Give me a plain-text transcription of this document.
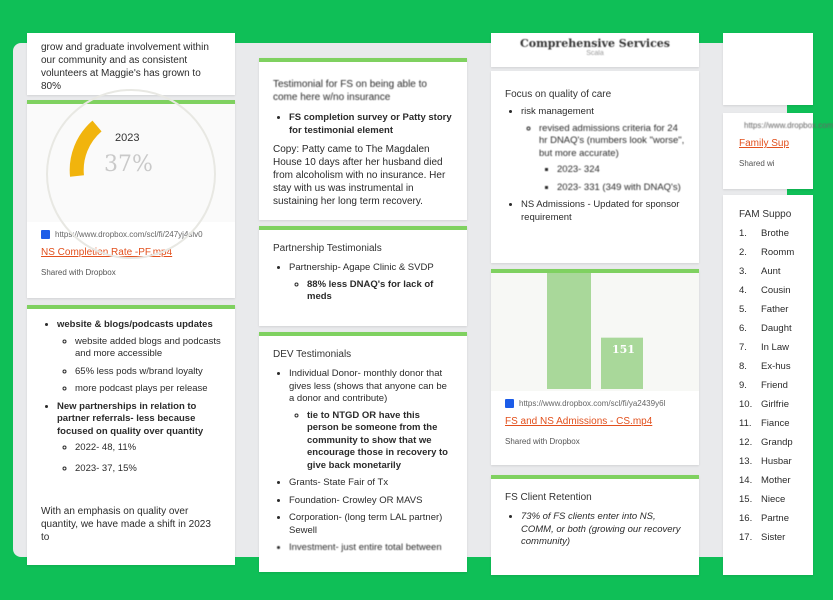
grow and graduate involvement within our community and as consistent volunteers at Maggie's has grown to 80%
2023
37%
https://www.dropbox.com/scl/fi/247yj4slv0
NS Completion Rate -PF.mp4
Shared with Dropbox
• website & blogs/podcasts updates
◦ website added blogs and podcasts and more accessible
◦ 65% less pods w/brand loyalty
◦ more podcast plays per release
• New partnerships in relation to partner referrals- less because focused on quality over quantity
◦ 2022- 48, 11%
◦ 2023- 37, 15%
With an emphasis on quality over quantity, we have made a shift in 2023 to
Testimonial for FS on being able to come here w/no insurance
• FS completion survey or Patty story for testimonial element
Copy: Patty came to The Magdalen House 10 days after her husband died from alcoholism with no insurance. Her stay with us was instrumental in sustaining her long term recovery.
Partnership Testimonials
• Partnership- Agape Clinic & SVDP
◦ 88% less DNAQ's for lack of meds
DEV Testimonials
• Individual Donor- monthly donor that gives less (shows that anyone can be a donor and contribute)
◦ tie to NTGD OR have this person be someone from the community to show that we encourage those in recovery to give back monetarily
• Grants- State Fair of Tx
• Foundation- Crowley OR MAVS
• Corporation- (long term LAL partner) Sewell
• Investment- just entire total between
Comprehensive Services
Scala
Focus on quality of care
• risk management
◦ revised admissions criteria for 24 hr DNAQ's (numbers look "worse", but more accurate)
▪ 2023- 324
▪ 2023- 331 (349 with DNAQ's)
• NS Admissions - Updated for sponsor requirement
151
https://www.dropbox.com/scl/fi/ya2439y6l
FS and NS Admissions - CS.mp4
Shared with Dropbox
FS Client Retention
• 73% of FS clients enter into NS, COMM, or both (growing our recovery community)
https://www.dropbox.com
Family Sup
Shared wi
FAM Suppo
1. Brothe
2. Roomm
3. Aunt
4. Cousin
5. Father
6. Daught
7. In Law
8. Ex-hus
9. Friend
10. Girlfrie
11. Fiance
12. Grandp
13. Husbar
14. Mother
15. Niece
16. Partne
17. Sister
